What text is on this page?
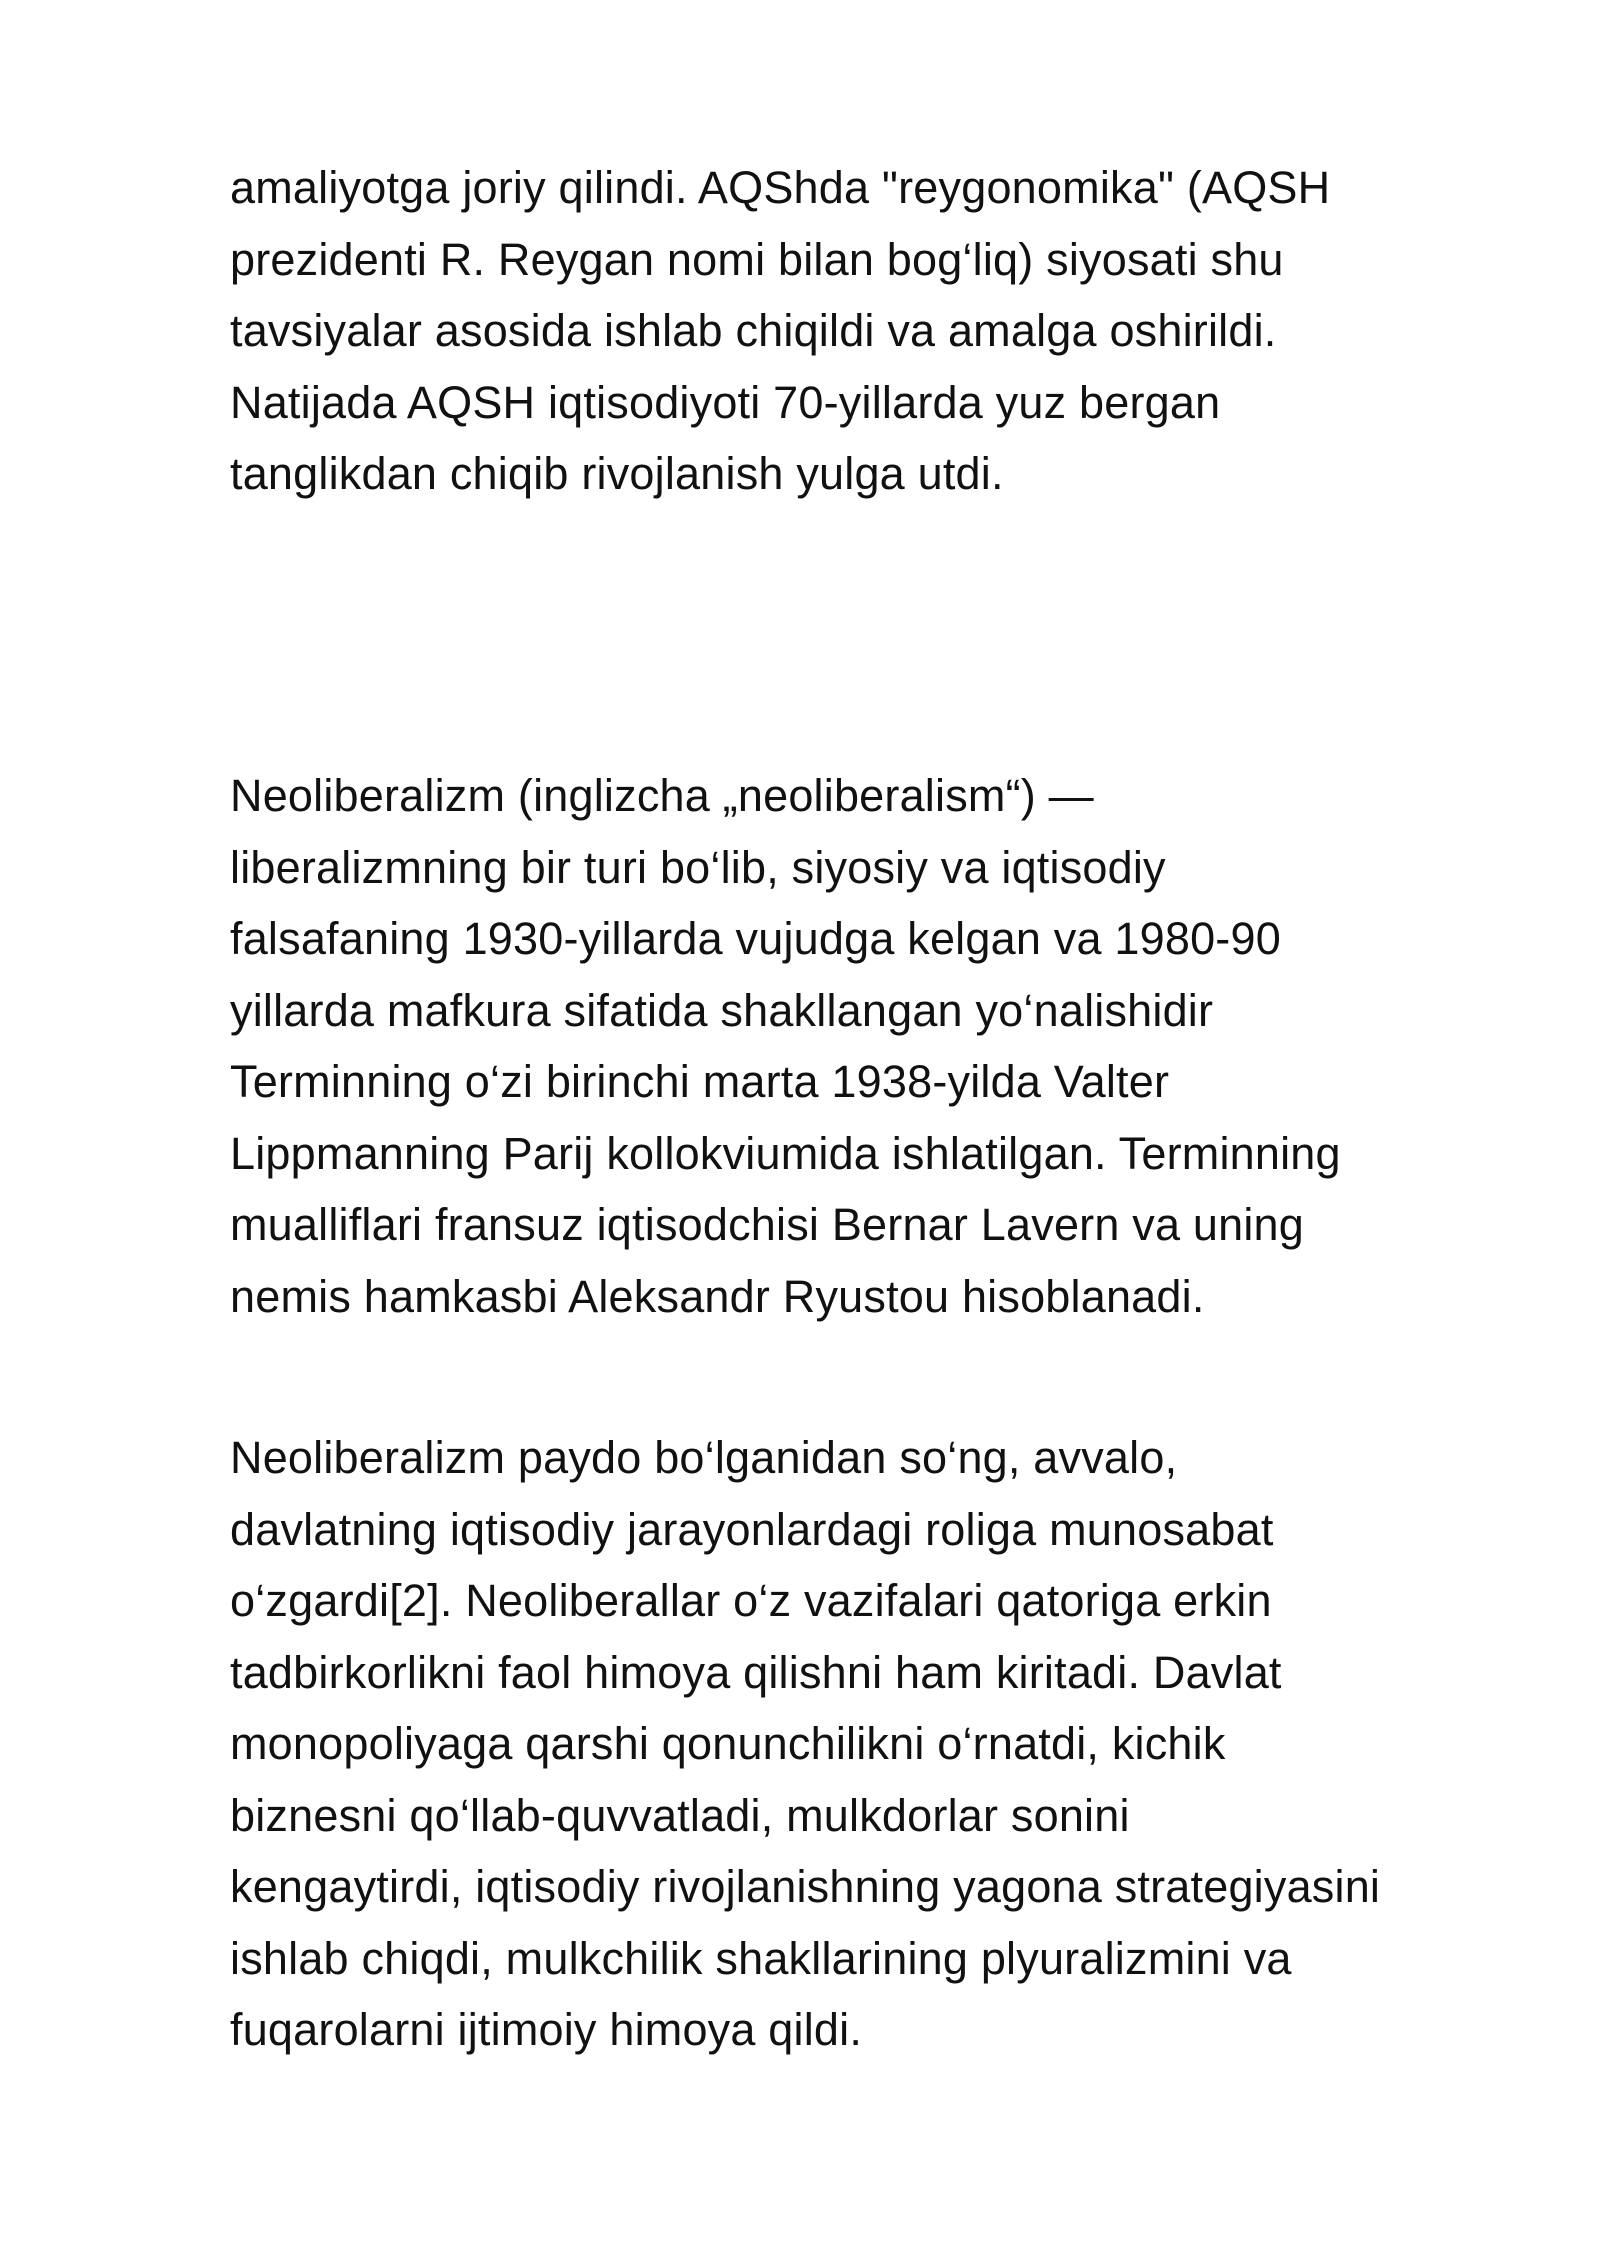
amaliyotga joriy qilindi. AQShda "reygonomika" (AQSH
prezidenti R. Reygan nomi bilan bog‘liq) siyosati shu
tavsiyalar asosida ishlab chiqildi va amalga oshirildi.
Natijada AQSH iqtisodiyoti 70-yillarda yuz bergan
tanglikdan chiqib rivojlanish yulga utdi.

Neoliberalizm (inglizcha „neoliberalism“) —
liberalizmning bir turi bo‘lib, siyosiy va iqtisodiy
falsafaning 1930-yillarda vujudga kelgan va 1980-90
yillarda mafkura sifatida shakllangan yo‘nalishidir
Terminning o‘zi birinchi marta 1938-yilda Valter
Lippmanning Parij kollokviumida ishlatilgan. Terminning
mualliflari fransuz iqtisodchisi Bernar Lavern va uning
nemis hamkasbi Aleksandr Ryustou hisoblanadi.

Neoliberalizm paydo bo‘lganidan so‘ng, avvalo,
davlatning iqtisodiy jarayonlardagi roliga munosabat
o‘zgardi[2]. Neoliberallar o‘z vazifalari qatoriga erkin
tadbirkorlikni faol himoya qilishni ham kiritadi. Davlat
monopoliyaga qarshi qonunchilikni o‘rnatdi, kichik
biznesni qo‘llab-quvvatladi, mulkdorlar sonini
kengaytirdi, iqtisodiy rivojlanishning yagona strategiyasini
ishlab chiqdi, mulkchilik shakllarining plyuralizmini va
fuqarolarni ijtimoiy himoya qildi.
